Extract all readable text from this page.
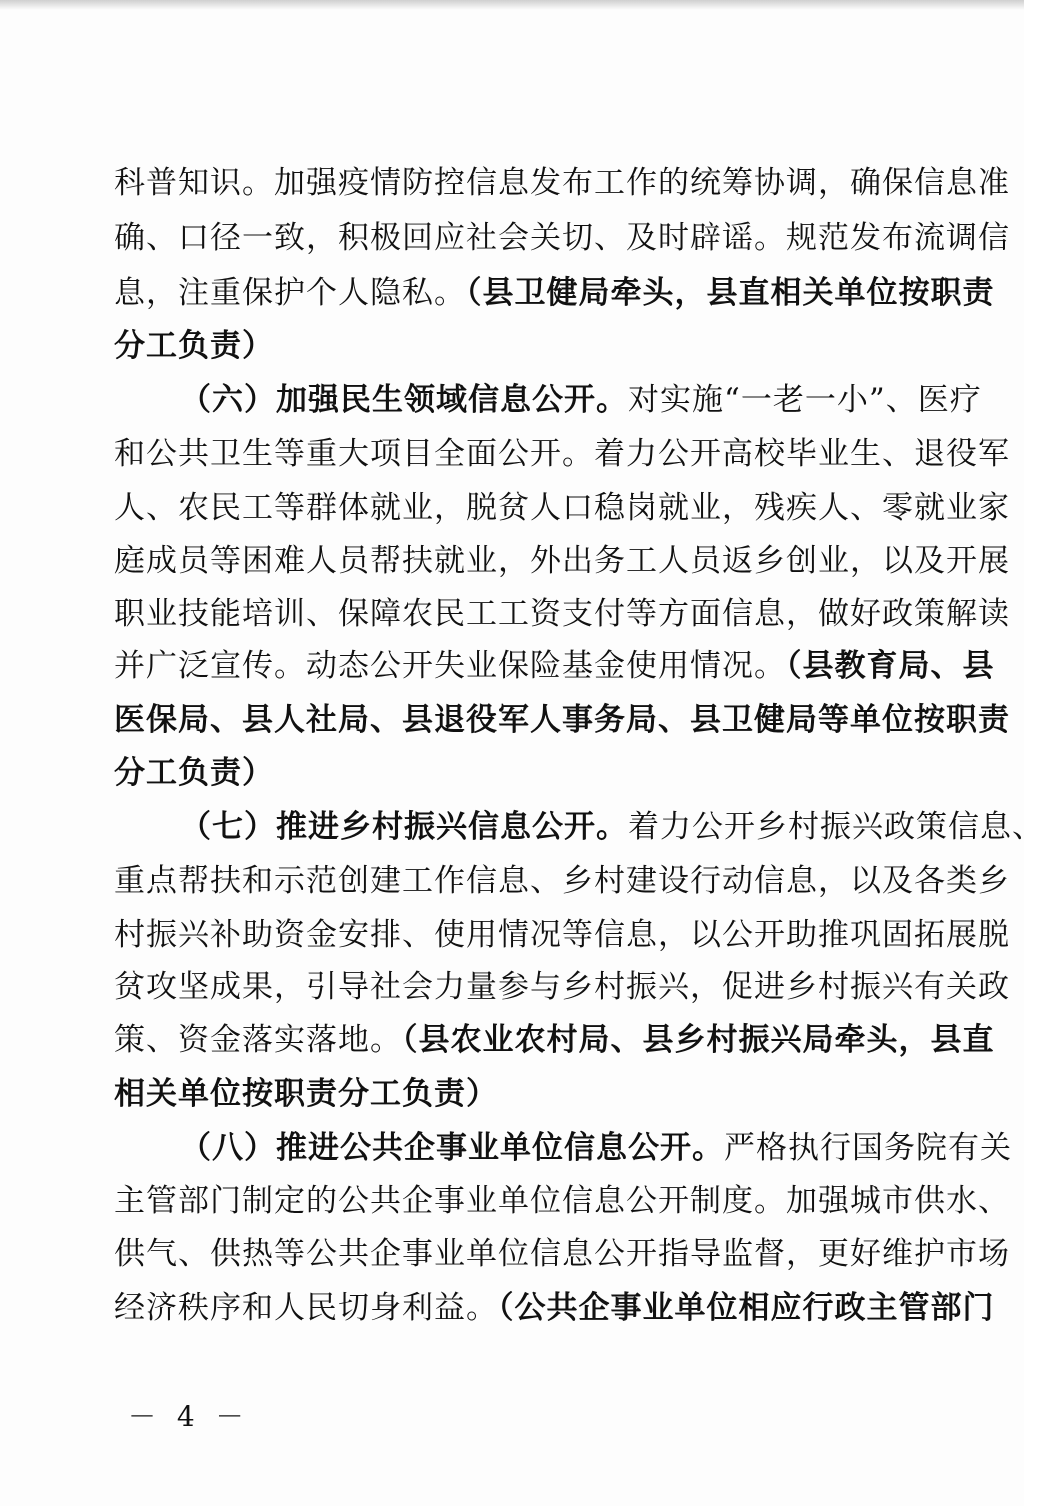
科普知识。加强疫情防控信息发布工作的统筹协调，确保信息准
确、口径一致，积极回应社会关切、及时辟谣。规范发布流调信
息，注重保护个人隐私。（县卫健局牵头，县直相关单位按职责
分工负责）
（六）加强民生领域信息公开。对实施“一老一小”、医疗
和公共卫生等重大项目全面公开。着力公开高校毕业生、退役军
人、农民工等群体就业，脱贫人口稳岗就业，残疾人、零就业家
庭成员等困难人员帮扶就业，外出务工人员返乡创业，以及开展
职业技能培训、保障农民工工资支付等方面信息，做好政策解读
并广泛宣传。动态公开失业保险基金使用情况。（县教育局、县
医保局、县人社局、县退役军人事务局、县卫健局等单位按职责
分工负责）
（七）推进乡村振兴信息公开。着力公开乡村振兴政策信息、
重点帮扶和示范创建工作信息、乡村建设行动信息，以及各类乡
村振兴补助资金安排、使用情况等信息，以公开助推巩固拓展脱
贫攻坚成果，引导社会力量参与乡村振兴，促进乡村振兴有关政
策、资金落实落地。（县农业农村局、县乡村振兴局牵头，县直
相关单位按职责分工负责）
（八）推进公共企事业单位信息公开。严格执行国务院有关
主管部门制定的公共企事业单位信息公开制度。加强城市供水、
供气、供热等公共企事业单位信息公开指导监督，更好维护市场
经济秩序和人民切身利益。（公共企事业单位相应行政主管部门
－ 4 －
